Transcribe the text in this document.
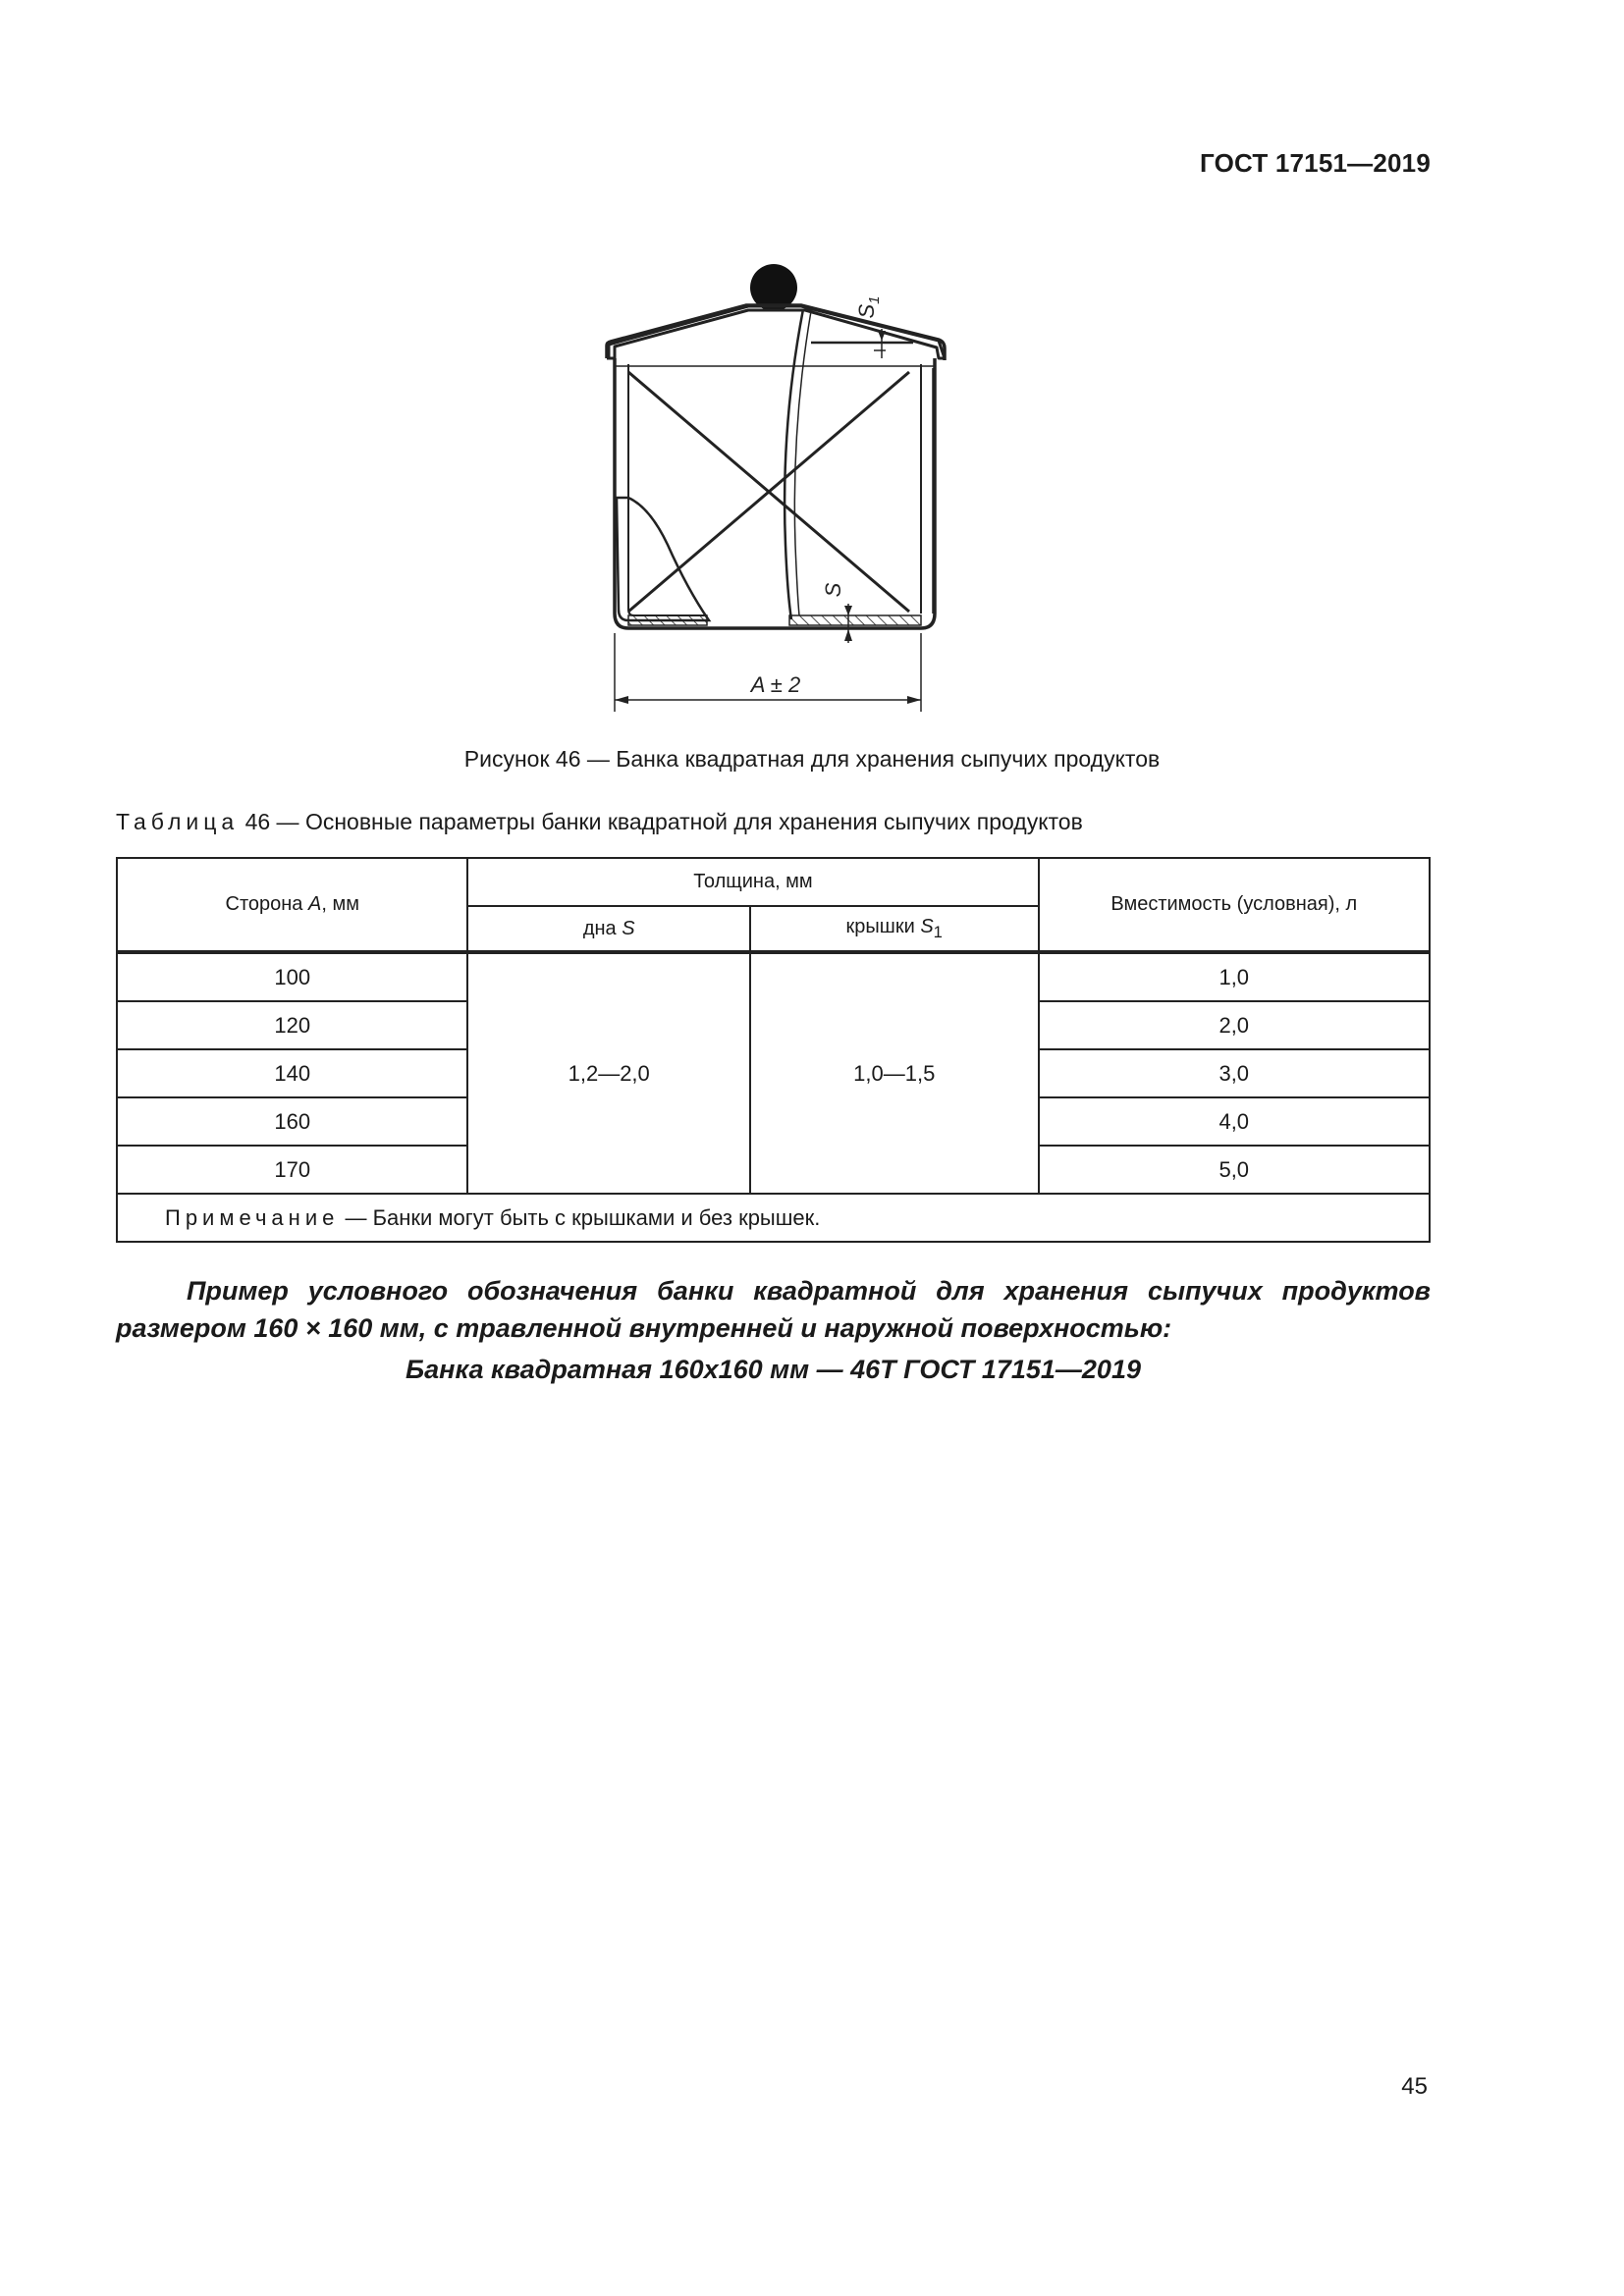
ГОСТ 17151—2019
$S_1$
S
A ± 2
Рисунок 46 — Банка квадратная для хранения сыпучих продуктов
Таблица 46 — Основные параметры банки квадратной для хранения сыпучих продуктов
Сторона A, мм	Толщина, мм		Вместимость (условная), л
	дна S	крышки $S_1$
100	1,2—2,0	1,0—1,5	1,0
120			2,0
140			3,0
160			4,0
170			5,0
Примечание — Банки могут быть с крышками и без крышек.			

Пример условного обозначения банки квадратной для хранения сыпучих продуктов размером 160 × 160 мм, с травленной внутренней и наружной поверхностью:

Банка квадратная 160х160 мм — 46Т ГОСТ 17151—2019

45
